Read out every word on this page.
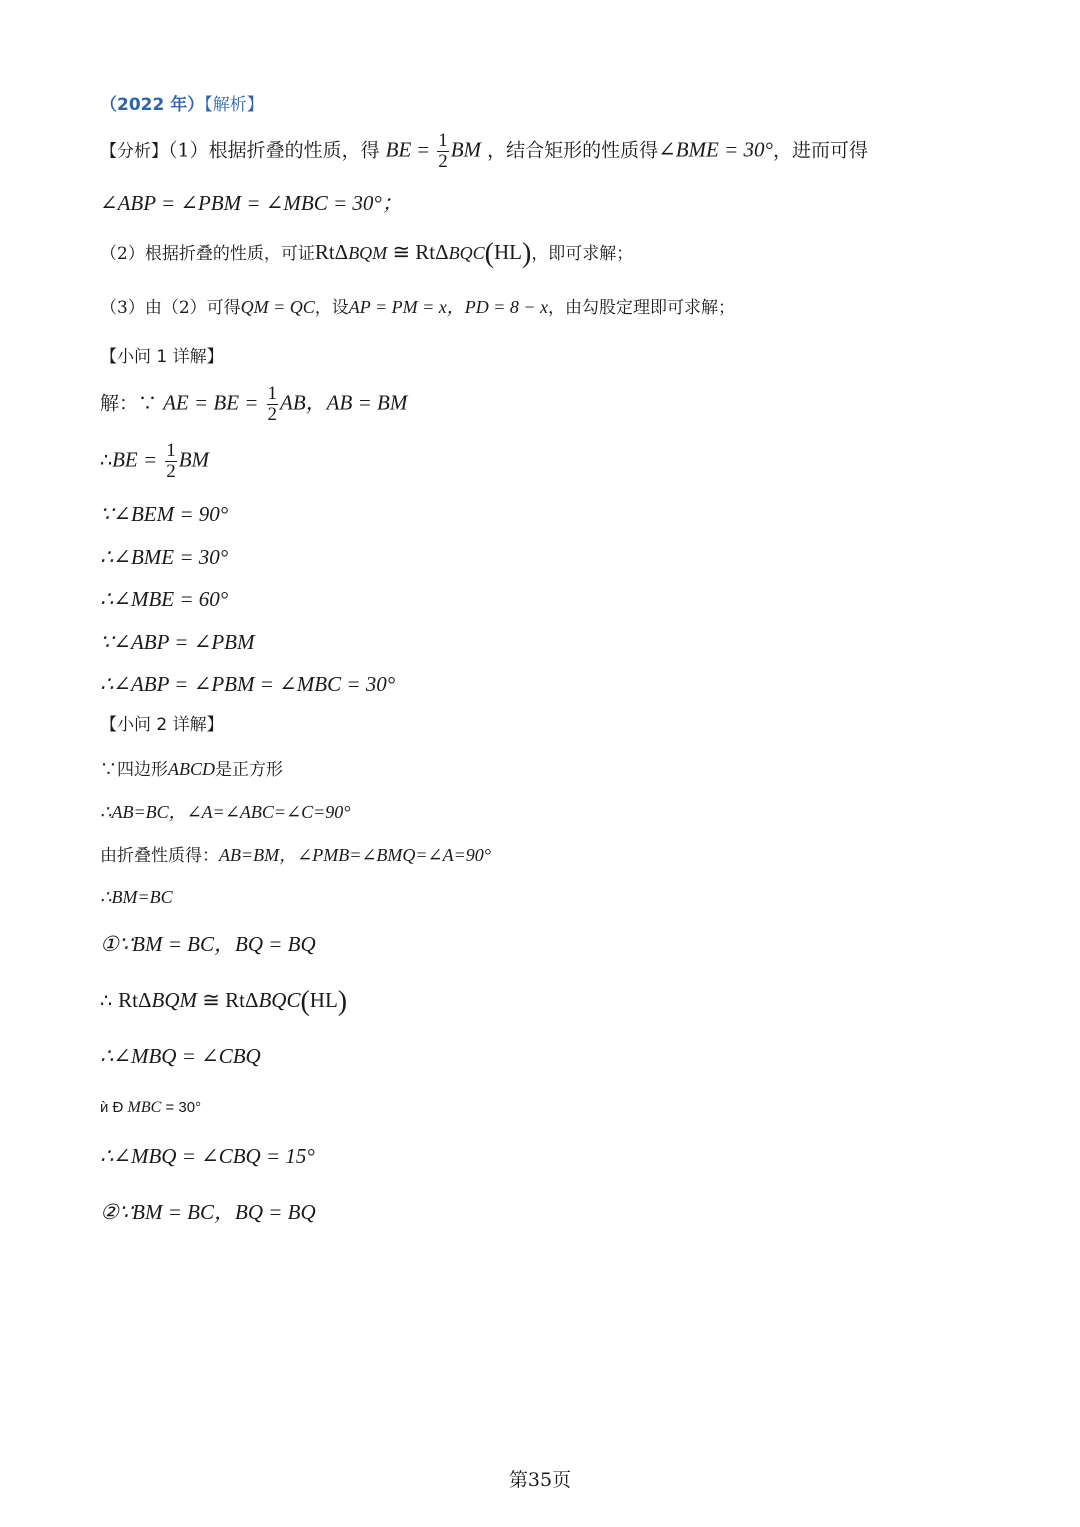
（2022 年）【解析】
【分析】（1）根据折叠的性质，得 BE = $\frac{1}{2}$ BM ，结合矩形的性质得∠BME = 30°，进而可得
∠ABP = ∠PBM = ∠MBC = 30°；
（2）根据折叠的性质，可证RtΔBQM ≅ RtΔBQC(HL)，即可求解；
（3）由（2）可得QM = QC，设AP = PM = x，PD = 8 − x，由勾股定理即可求解；
【小问 1 详解】
解：∵ AE = BE = $\frac{1}{2}$ AB，AB = BM
∴BE = $\frac{1}{2}$ BM
∵∠BEM = 90°
∴∠BME = 30°
∴∠MBE = 60°
∵∠ABP = ∠PBM
∴∠ABP = ∠PBM = ∠MBC = 30°
【小问 2 详解】
∵四边形ABCD是正方形
∴AB=BC，∠A=∠ABC=∠C=90°
由折叠性质得：AB=BM，∠PMB=∠BMQ=∠A=90°
∴BM=BC
①∵BM = BC，BQ = BQ
∴ RtΔBQM ≅ RtΔBQC(HL)
∴∠MBQ = ∠CBQ
ѝ Ð MBC = 30°
∴∠MBQ = ∠CBQ = 15°
②∵BM = BC，BQ = BQ
第35页
